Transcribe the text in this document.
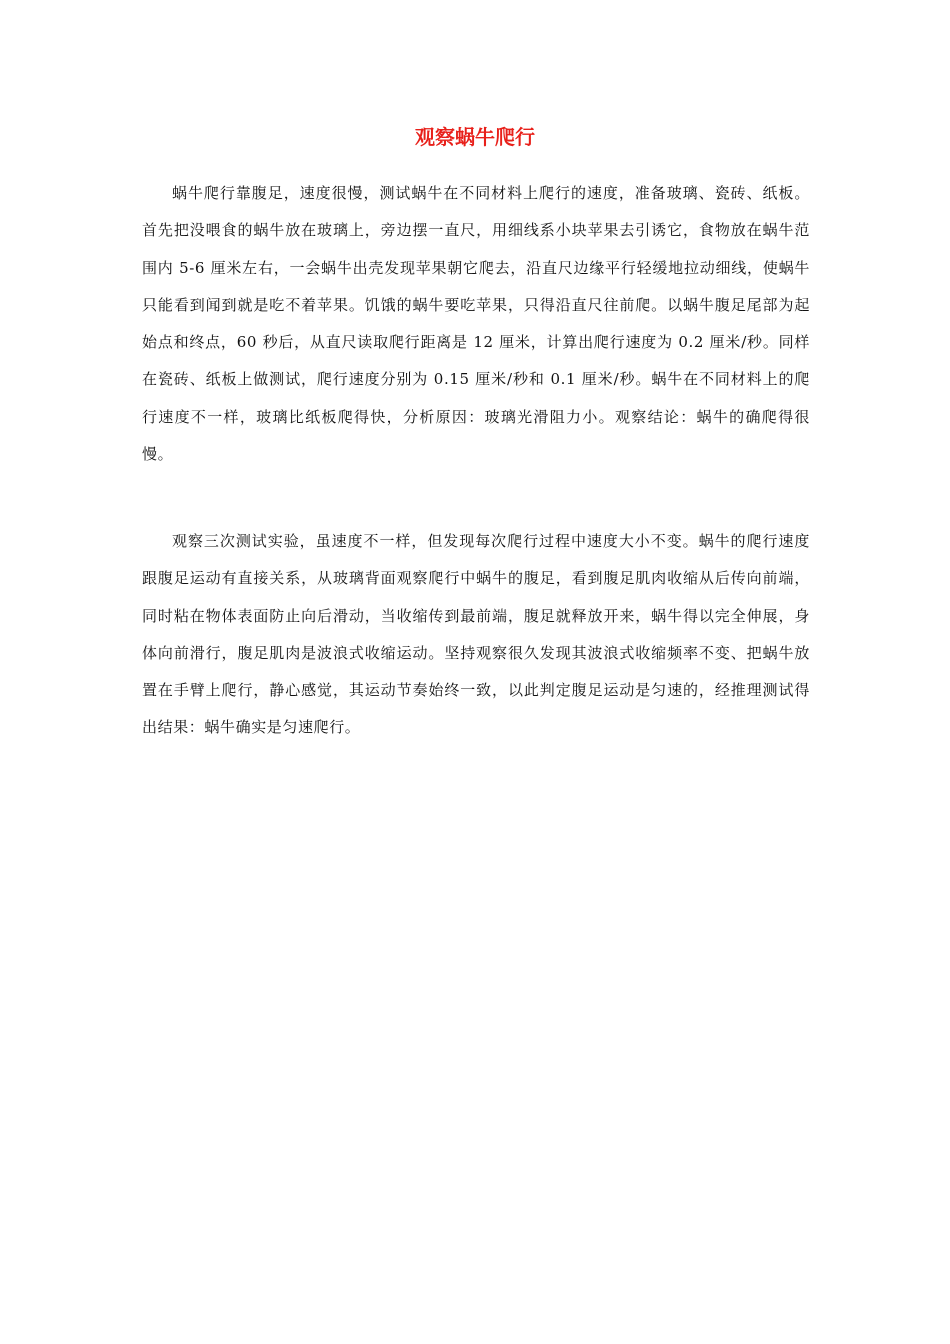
观察蜗牛爬行

蜗牛爬行靠腹足，速度很慢，测试蜗牛在不同材料上爬行的速度，准备玻璃、瓷砖、纸板。首先把没喂食的蜗牛放在玻璃上，旁边摆一直尺，用细线系小块苹果去引诱它，食物放在蜗牛范围内 5-6 厘米左右，一会蜗牛出壳发现苹果朝它爬去，沿直尺边缘平行轻缓地拉动细线，使蜗牛只能看到闻到就是吃不着苹果。饥饿的蜗牛要吃苹果，只得沿直尺往前爬。以蜗牛腹足尾部为起始点和终点，60 秒后，从直尺读取爬行距离是 12 厘米，计算出爬行速度为 0.2 厘米/秒。同样在瓷砖、纸板上做测试，爬行速度分别为 0.15 厘米/秒和 0.1 厘米/秒。蜗牛在不同材料上的爬行速度不一样，玻璃比纸板爬得快，分析原因：玻璃光滑阻力小。观察结论：蜗牛的确爬得很慢。

观察三次测试实验，虽速度不一样，但发现每次爬行过程中速度大小不变。蜗牛的爬行速度跟腹足运动有直接关系，从玻璃背面观察爬行中蜗牛的腹足，看到腹足肌肉收缩从后传向前端，同时粘在物体表面防止向后滑动，当收缩传到最前端，腹足就释放开来，蜗牛得以完全伸展，身体向前滑行，腹足肌肉是波浪式收缩运动。坚持观察很久发现其波浪式收缩频率不变、把蜗牛放置在手臂上爬行，静心感觉，其运动节奏始终一致，以此判定腹足运动是匀速的，经推理测试得出结果：蜗牛确实是匀速爬行。
